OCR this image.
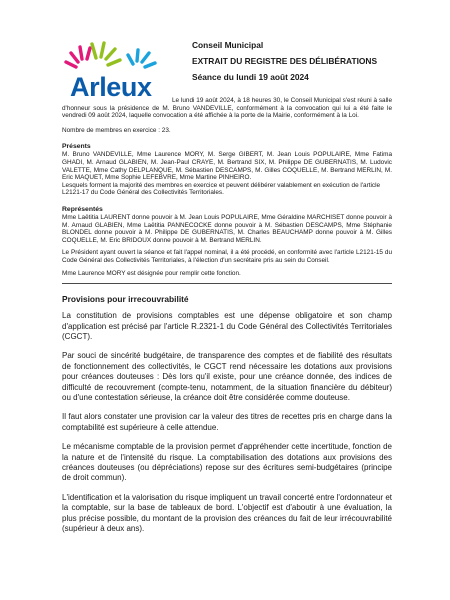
Arleux
Conseil Municipal
EXTRAIT DU REGISTRE DES DÉLIBÉRATIONS
Séance du lundi 19 août 2024

Le lundi 19 août 2024, à 18 heures 30, le Conseil Municipal s'est réuni à salle d'honneur sous la présidence de M. Bruno VANDEVILLE, conformément à la convocation qui lui a été faite le vendredi 09 août 2024, laquelle convocation a été affichée à la porte de la Mairie, conformément à la Loi.

Nombre de membres en exercice : 23.

Présents

M. Bruno VANDEVILLE, Mme Laurence MORY, M. Serge GIBERT, M. Jean Louis POPULAIRE, Mme Fatima GHADI, M. Arnaud GLABIEN, M. Jean-Paul CRAYE, M. Bertrand SIX, M. Philippe DE GUBERNATIS, M. Ludovic VALETTE, Mme Cathy DELPLANQUE, M. Sébastien DESCAMPS, M. Gilles COQUELLE, M. Bertrand MERLIN, M. Eric MAQUET, Mme Sophie LEFEBVRE, Mme Martine PINHEIRO.

Lesquels forment la majorité des membres en exercice et peuvent délibérer valablement en exécution de l'article L2121-17 du Code Général des Collectivités Territoriales.

Représentés

Mme Laëtitia LAURENT donne pouvoir à M. Jean Louis POPULAIRE, Mme Géraldine MARCHISET donne pouvoir à M. Arnaud GLABIEN, Mme Laëtitia PANNECOCKE donne pouvoir à M. Sébastien DESCAMPS, Mme Stéphanie BLONDEL donne pouvoir à M. Philippe DE GUBERNATIS, M. Charles BEAUCHAMP donne pouvoir à M. Gilles COQUELLE, M. Eric BRIDOUX donne pouvoir à M. Bertrand MERLIN.

Le Président ayant ouvert la séance et fait l'appel nominal, il a été procédé, en conformité avec l'article L2121-15 du Code Général des Collectivités Territoriales, à l'élection d'un secrétaire pris au sein du Conseil.

Mme Laurence MORY est désignée pour remplir cette fonction.

Provisions pour irrecouvrabilité

La constitution de provisions comptables est une dépense obligatoire et son champ d'application est précisé par l'article R.2321-1 du Code Général des Collectivités Territoriales (CGCT).

Par souci de sincérité budgétaire, de transparence des comptes et de fiabilité des résultats de fonctionnement des collectivités, le CGCT rend nécessaire les dotations aux provisions pour créances douteuses : Dès lors qu'il existe, pour une créance donnée, des indices de difficulté de recouvrement (compte-tenu, notamment, de la situation financière du débiteur) ou d'une contestation sérieuse, la créance doit être considérée comme douteuse.

Il faut alors constater une provision car la valeur des titres de recettes pris en charge dans la comptabilité est supérieure à celle attendue.

Le mécanisme comptable de la provision permet d'appréhender cette incertitude, fonction de la nature et de l'intensité du risque. La comptabilisation des dotations aux provisions des créances douteuses (ou dépréciations) repose sur des écritures semi-budgétaires (principe de droit commun).

L'identification et la valorisation du risque impliquent un travail concerté entre l'ordonnateur et la comptable, sur la base de tableaux de bord. L'objectif est d'aboutir à une évaluation, la plus précise possible, du montant de la provision des créances du fait de leur irrécouvrabilité (supérieur à deux ans).
